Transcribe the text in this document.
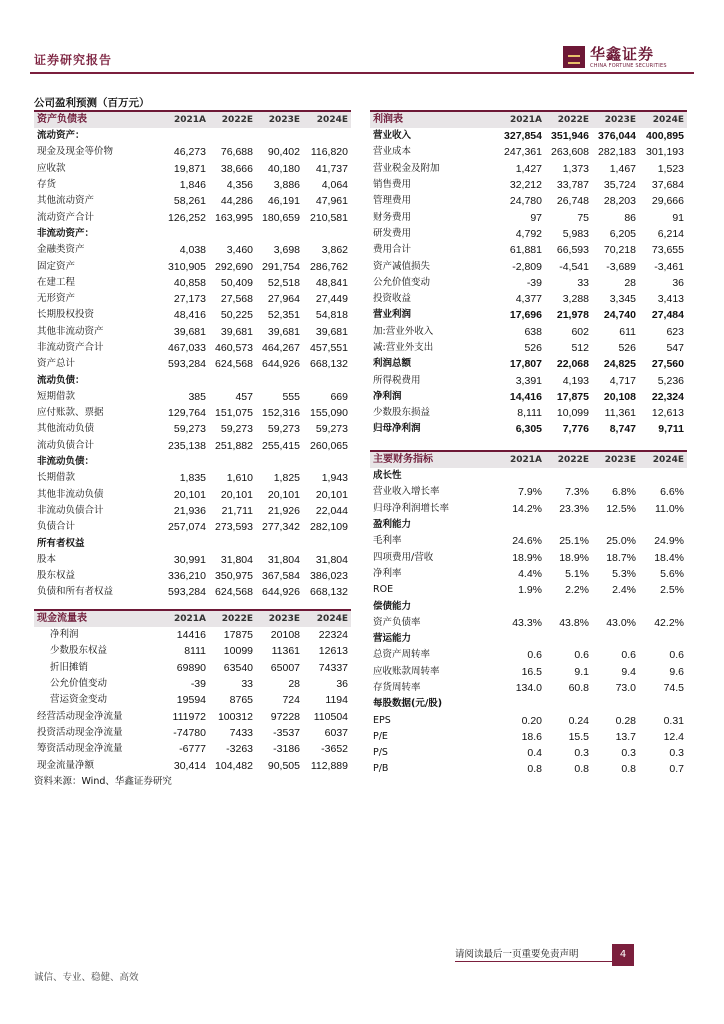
证券研究报告	华鑫证券
CHINA FORTUNE SECURITIES
公司盈利预测（百万元）
资产负债表	2021A	2022E	2023E	2024E
流动资产：				
现金及现金等价物	46,273	76,688	90,402	116,820
应收款	19,871	38,666	40,180	41,737
存货	1,846	4,356	3,886	4,064
其他流动资产	58,261	44,286	46,191	47,961
流动资产合计	126,252	163,995	180,659	210,581
非流动资产：				
金融类资产	4,038	3,460	3,698	3,862
固定资产	310,905	292,690	291,754	286,762
在建工程	40,858	50,409	52,518	48,841
无形资产	27,173	27,568	27,964	27,449
长期股权投资	48,416	50,225	52,351	54,818
其他非流动资产	39,681	39,681	39,681	39,681
非流动资产合计	467,033	460,573	464,267	457,551
资产总计	593,284	624,568	644,926	668,132
流动负债：				
短期借款	385	457	555	669
应付账款、票据	129,764	151,075	152,316	155,090
其他流动负债	59,273	59,273	59,273	59,273
流动负债合计	235,138	251,882	255,415	260,065
非流动负债：				
长期借款	1,835	1,610	1,825	1,943
其他非流动负债	20,101	20,101	20,101	20,101
非流动负债合计	21,936	21,711	21,926	22,044
负债合计	257,074	273,593	277,342	282,109
所有者权益				
股本	30,991	31,804	31,804	31,804
股东权益	336,210	350,975	367,584	386,023
负债和所有者权益	593,284	624,568	644,926	668,132
现金流量表	2021A	2022E	2023E	2024E
净利润	14416	17875	20108	22324
少数股东权益	8111	10099	11361	12613
折旧摊销	69890	63540	65007	74337
公允价值变动	-39	33	28	36
营运资金变动	19594	8765	724	1194
经营活动现金净流量	111972	100312	97228	110504
投资活动现金净流量	-74780	7433	-3537	6037
筹资活动现金净流量	-6777	-3263	-3186	-3652
现金流量净额	30,414	104,482	90,505	112,889
利润表	2021A	2022E	2023E	2024E
营业收入	327,854	351,946	376,044	400,895
营业成本	247,361	263,608	282,183	301,193
营业税金及附加	1,427	1,373	1,467	1,523
销售费用	32,212	33,787	35,724	37,684
管理费用	24,780	26,748	28,203	29,666
财务费用	97	75	86	91
研发费用	4,792	5,983	6,205	6,214
费用合计	61,881	66,593	70,218	73,655
资产减值损失	-2,809	-4,541	-3,689	-3,461
公允价值变动	-39	33	28	36
投资收益	4,377	3,288	3,345	3,413
营业利润	17,696	21,978	24,740	27,484
加:营业外收入	638	602	611	623
减:营业外支出	526	512	526	547
利润总额	17,807	22,068	24,825	27,560
所得税费用	3,391	4,193	4,717	5,236
净利润	14,416	17,875	20,108	22,324
少数股东损益	8,111	10,099	11,361	12,613
归母净利润	6,305	7,776	8,747	9,711
主要财务指标	2021A	2022E	2023E	2024E
成长性				
营业收入增长率	7.9%	7.3%	6.8%	6.6%
归母净利润增长率	14.2%	23.3%	12.5%	11.0%
盈利能力				
毛利率	24.6%	25.1%	25.0%	24.9%
四项费用/营收	18.9%	18.9%	18.7%	18.4%
净利率	4.4%	5.1%	5.3%	5.6%
ROE	1.9%	2.2%	2.4%	2.5%
偿债能力				
资产负债率	43.3%	43.8%	43.0%	42.2%
营运能力				
总资产周转率	0.6	0.6	0.6	0.6
应收账款周转率	16.5	9.1	9.4	9.6
存货周转率	134.0	60.8	73.0	74.5
每股数据(元/股)				
EPS	0.20	0.24	0.28	0.31
P/E	18.6	15.5	13.7	12.4
P/S	0.4	0.3	0.3	0.3
P/B	0.8	0.8	0.8	0.7
资料来源：Wind、华鑫证券研究
请阅读最后一页重要免责声明	4
诚信、专业、稳健、高效
